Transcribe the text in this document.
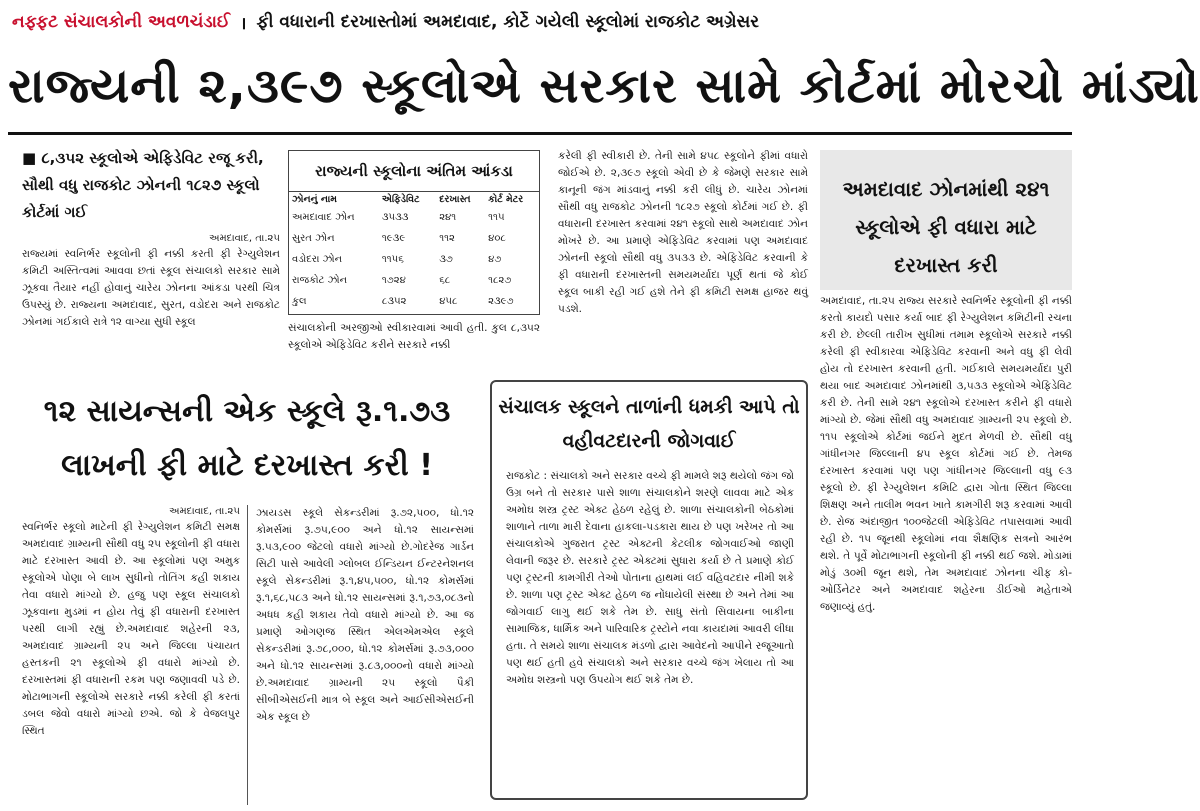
નફ્ફટ સંચાલકોની અવળચંડાઈ । ફી વધારાની દરખાસ્તોમાં અમદાવાદ, કોર્ટે ગયેલી સ્કૂલોમાં રાજકોટ અગ્રેસર
રાજ્યની ૨,૩૯૭ સ્કૂલોએ સરકાર સામે કોર્ટમાં મોરચો માંડ્યો
■ ૮,૩૫૨ સ્કૂલોએ એફિડેવિટ રજૂ કરી, સૌથી વધુ રાજકોટ ઝોનની ૧૮૨૭ સ્કૂલો કોર્ટમાં ગઈ
અમદાવાદ, તા.૨૫
રાજ્યમાં સ્વનિર્ભર સ્કૂલોની ફી નક્કી કરતી ફી રેગ્યુલેશન કમિટી અસ્તિત્વમાં આવવા છતાં સ્કૂલ સંચાલકો સરકાર સામે ઝૂકવા તૈયાર નહીં હોવાનું ચારેય ઝોનના આંકડા પરથી ચિત્ર ઉપસ્યું છે. રાજ્યના અમદાવાદ, સુરત, વડોદરા અને રાજકોટ ઝોનમાં ગઈકાલે રાત્રે ૧૨ વાગ્યા સુધી સ્કૂલ
રાજ્યની સ્કૂલોના અંતિમ આંકડા
ઝોનનું નામ	એફિડેવિટ	દરખાસ્ત	કોર્ટ મેટર
અમદાવાદ ઝોન	૩૫૩૩	૨૪૧	૧૧૫
સુરત ઝોન	૧૯૩૯	૧૧૨	૪૦૮
વડોદરા ઝોન	૧૧૫૬	૩૭	૪૭
રાજકોટ ઝોન	૧૭૨૪	૬૮	૧૮૨૭
કુલ	૮૩૫૨	૪૫૮	૨૩૯૭
સંચાલકોની અરજીઓ સ્વીકારવામાં આવી હતી. કુલ ૮,૩૫૨ સ્કૂલોએ એફિડેવિટ કરીને સરકારે નક્કી
કરેલી ફી સ્વીકારી છે. તેની સામે ૪૫૮ સ્કૂલોને ફીમાં વધારો જોઈએ છે. ૨,૩૯૭ સ્કૂલો એવી છે કે જેમણે સરકાર સામે કાનૂની જંગ માંડવાનું નક્કી કરી લીધું છે. ચારેય ઝોનમાં સૌથી વધુ રાજકોટ ઝોનની ૧૮૨૭ સ્કૂલો કોર્ટમાં ગઈ છે. ફી વધારાની દરખાસ્ત કરવામાં ૨૪૧ સ્કૂલો સાથે અમદાવાદ ઝોન મોખરે છે. આ પ્રમાણે એફિડેવિટ કરવામાં પણ અમદાવાદ ઝોનની સ્કૂલો સૌથી વધુ ૩૫૩૩ છે. એફિડેવિટ કરવાની કે ફી વધારાની દરખાસ્તની સમયમર્યાદા પૂર્ણ થતાં જે કોઈ સ્કૂલ બાકી રહી ગઈ હશે તેને ફી કમિટી સમક્ષ હાજર થવું પડશે.
અમદાવાદ ઝોનમાંથી ૨૪૧ સ્કૂલોએ ફી વધારા માટે દરખાસ્ત કરી
અમદાવાદ, તા.૨૫ રાજ્ય સરકારે સ્વનિર્ભર સ્કૂલોની ફી નક્કી કરતો કાયદો પસાર કર્યા બાદ ફી રેગ્યુલેશન કમિટીની રચના કરી છે. છેલ્લી તારીખ સુધીમાં તમામ સ્કૂલોએ સરકારે નક્કી કરેલી ફી સ્વીકારવા એફિડેવિટ કરવાની અને વધુ ફી લેવી હોય તો દરખાસ્ત કરવાની હતી. ગઈકાલે સમયમર્યાદા પુરી થયા બાદ અમદાવાદ ઝોનમાંથી ૩,૫૩૩ સ્કૂલોએ એફિડેવિટ કરી છે. તેની સામે ૨૪૧ સ્કૂલોએ દરખાસ્ત કરીને ફી વધારો માંગ્યો છે. જેમાં સૌથી વધુ અમદાવાદ ગ્રામ્યની ૨૫ સ્કૂલો છે. ૧૧૫ સ્કૂલોએ કોર્ટમાં જઈને મુદત મેળવી છે. સૌથી વધુ ગાંધીનગર જિલ્લાની ૪૫ સ્કૂલ કોર્ટમાં ગઈ છે. તેમજ દરખાસ્ત કરવામાં પણ પણ ગાંધીનગર જિલ્લાની વધુ ૯૩ સ્કૂલો છે. ફી રેગ્યુલેશન કમિટિ દ્વારા ગોતા સ્થિત જિલ્લા શિક્ષણ અને તાલીમ ભવન ખાતે કામગીરી શરૂ કરવામાં આવી છે. રોજ અંદાજીત ૧૦૦જેટલી એફિડેવિટ તપાસવામાં આવી રહી છે. ૧૫ જૂનથી સ્કૂલોમાં નવા શૈક્ષણિક સત્રનો આરંભ થશે. તે પૂર્વે મોટાભાગની સ્કૂલોની ફી નક્કી થઈ જશે. મોડામાં મોડું ૩૦મી જૂન થશે, તેમ અમદાવાદ ઝોનના ચીફ કો-ઓર્ડિનેટર અને અમદાવાદ શહેરના ડીઈઓ મહેતાએ જણાવ્યું હતું.
૧૨ સાયન્સની એક સ્કૂલે રૂ.૧.૭૩ લાખની ફી માટે દરખાસ્ત કરી !
અમદાવાદ, તા.૨૫
સ્વનિર્ભર સ્કૂલો માટેની ફી રેગ્યુલેશન કમિટી સમક્ષ અમદાવાદ ગ્રામ્યની સૌથી વધુ ૨૫ સ્કૂલોની ફી વધારા માટે દરખાસ્ત આવી છે. આ સ્કૂલોમાં પણ અમુક સ્કૂલોએ પોણા બે લાખ સુધીનો તોતિંગ કહી શકાય તેવા વધારો માંગ્યો છે. હજુ પણ સ્કૂલ સંચાલકો ઝૂકવાના મુડમાં ન હોય તેવું ફી વધારાની દરખાસ્ત પરથી લાગી રહ્યું છે.અમદાવાદ શહેરની ૨૩, અમદાવાદ ગ્રામ્યની ૨૫ અને જિલ્લા પંચાયત હસ્તકની ૨૧ સ્કૂલોએ ફી વધારો માંગ્યો છે. દરખાસ્તમાં ફી વધારાની રકમ પણ જણાવવી પડે છે. મોટાભાગની સ્કૂલોએ સરકારે નક્કી કરેલી ફી કરતાં ડબલ જેવો વધારો માંગ્યો છએ. જો કે વેજલપુર સ્થિત
ઝાયડસ સ્કૂલે સેકન્ડરીમાં રૂ.૭૨,૫૦૦, ધો.૧૨ કોમર્સમાં રૂ.૭૫,૯૦૦ અને ધો.૧૨ સાયન્સમાં રૂ.૫૩,૯૦૦ જેટલો વધારો માંગ્યો છે.ગોદરેજ ગાર્ડન સિટી પાસે આવેલી ગ્લોબલ ઈન્ડિયન ઈન્ટરનેશનલ સ્કૂલે સેકન્ડરીમાં રૂ.૧,૪૫,૫૦૦, ધો.૧૨ કોમર્સમાં રૂ.૧,૬૮,૫૮૩ અને ધો.૧૨ સાયન્સમાં રૂ.૧,૭૩,૦૮૩નો અધધ કહી શકાય તેવો વધારો માંગ્યો છે. આ જ પ્રમાણે ઓગણજ સ્થિત એલએમએલ સ્કૂલે સેકન્ડરીમાં રૂ.૭૮,૦૦૦, ધો.૧૨ કોમર્સમાં રૂ.૭૩,૦૦૦ અને ધો.૧૨ સાયન્સમાં રૂ.૮૩,૦૦૦નો વધારો માંગ્યો છે.અમદાવાદ ગ્રામ્યની ૨૫ સ્કૂલો પૈકી સીબીએસઈની માત્ર બે સ્કૂલ અને આઈસીએસઈની એક સ્કૂલ છે
સંચાલક સ્કૂલને તાળાંની ધમકી આપે તો વહીવટદારની જોગવાઈ
રાજકોટ : સંચાલકો અને સરકાર વચ્ચે ફી મામલે શરૂ થયેલો જંગ જો ઉગ્ર બને તો સરકાર પાસે શાળા સંચાલકોને શરણે લાવવા માટે એક અમોઘ શસ્ત્ર ટ્રસ્ટ એક્ટ હેઠળ રહેલું છે. શાળા સંચાલકોની બેઠકોમાં શાળાને તાળા મારી દેવાના હાકલા-પડકારા થાય છે પણ ખરેખર તો આ સંચાલકોએ ગુજરાત ટ્રસ્ટ એક્ટની કેટલીક જોગવાઈઓ જાણી લેવાની જરૂર છે. સરકારે ટ્રસ્ટ એક્ટમાં સુધારા કર્યા છે તે પ્રમાણે કોઈ પણ ટ્રસ્ટની કામગીરી તેઓ પોતાના હાથમાં લઈ વહિવટદાર નીમી શકે છે. શાળા પણ ટ્રસ્ટ એક્ટ હેઠળ જ નોંધાયેલી સંસ્થા છે અને તેમાં આ જોગવાઈ લાગુ થઈ શકે તેમ છે. સાધુ સંતો સિવાયના બાકીના સામાજિક, ધાર્મિક અને પારિવારિક ટ્રસ્ટોને નવા કાયદામાં આવરી લીધા હતા. તે સમયે શાળા સંચાલક મંડળો દ્વારા આવેદનો આપીને રજૂઆતો પણ થઈ હતી હવે સંચાલકો અને સરકાર વચ્ચે જંગ ખેલાય તો આ અમોઘ શસ્ત્રનો પણ ઉપયોગ થઈ શકે તેમ છે.
